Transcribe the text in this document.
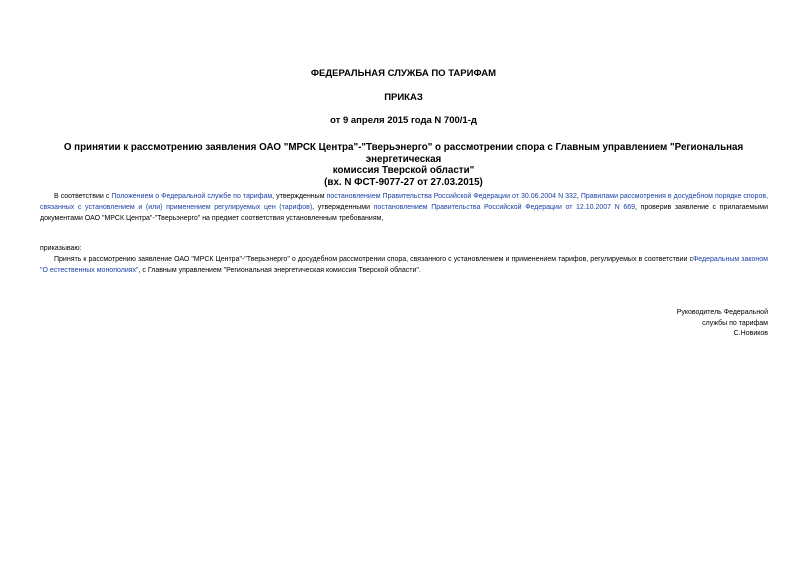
ФЕДЕРАЛЬНАЯ СЛУЖБА ПО ТАРИФАМ
ПРИКАЗ
от 9 апреля 2015 года N 700/1-д
О принятии к рассмотрению заявления ОАО "МРСК Центра"-"Тверьэнерго" о рассмотрении спора с Главным управлением "Региональная энергетическая
комиссия Тверской области"
(вх. N ФСТ-9077-27 от 27.03.2015)
В соответствии с Положением о Федеральной службе по тарифам, утвержденным постановлением Правительства Российской Федерации от 30.06.2004 N 332, Правилами рассмотрения в досудебном порядке споров, связанных с установлением и (или) применением регулируемых цен (тарифов), утвержденными постановлением Правительства Российской Федерации от 12.10.2007 N 669, проверив заявление с прилагаемыми документами ОАО "МРСК Центра"-"Тверьэнерго" на предмет соответствия установленным требованиям,
приказываю:
Принять к рассмотрению заявление ОАО "МРСК Центра"-"Тверьэнерго" о досудебном рассмотрении спора, связанного с установлением и применением тарифов, регулируемых в соответствии сФедеральным законом "О естественных монополиях", с Главным управлением "Региональная энергетическая комиссия Тверской области".
Руководитель Федеральной
службы по тарифам
С.Новиков
